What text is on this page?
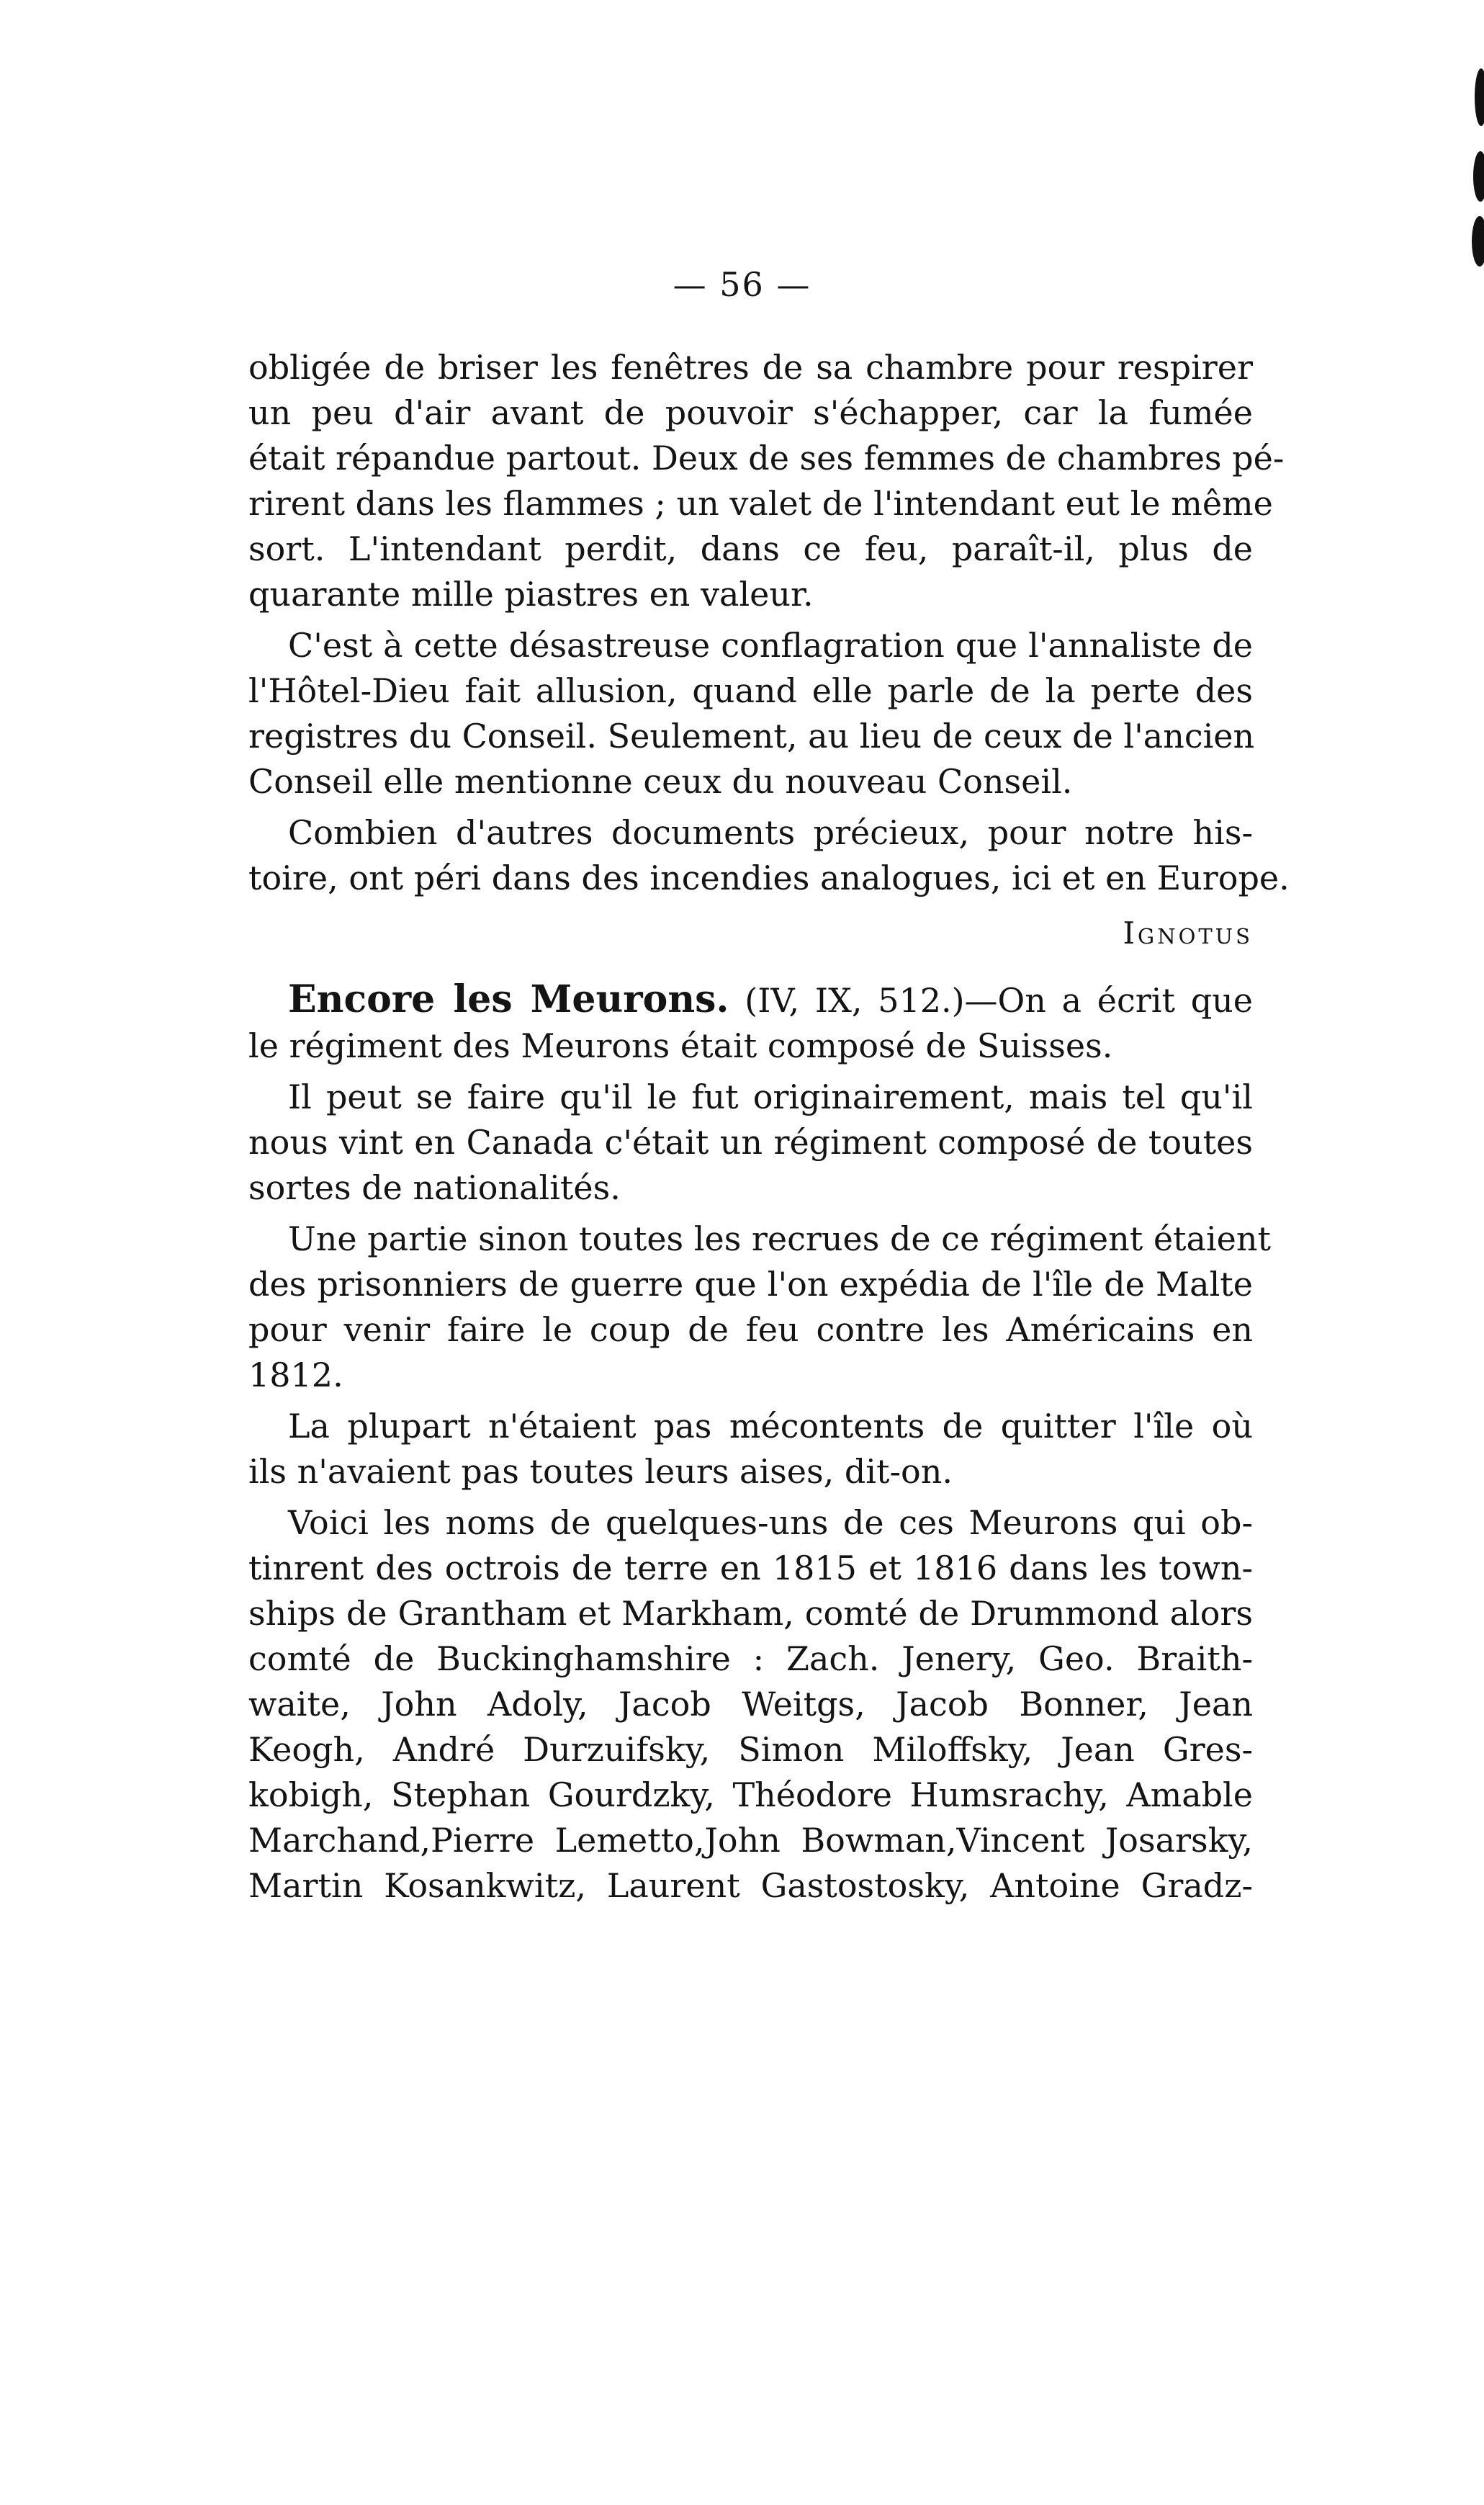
— 56 —
obligée de briser les fenêtres de sa chambre pour respirer
un peu d'air avant de pouvoir s'échapper, car la fumée
était répandue partout. Deux de ses femmes de chambres pé-
rirent dans les flammes ; un valet de l'intendant eut le même
sort. L'intendant perdit, dans ce feu, paraît-il, plus de
quarante mille piastres en valeur.
C'est à cette désastreuse conflagration que l'annaliste de
l'Hôtel-Dieu fait allusion, quand elle parle de la perte des
registres du Conseil. Seulement, au lieu de ceux de l'ancien
Conseil elle mentionne ceux du nouveau Conseil.
Combien d'autres documents précieux, pour notre his-
toire, ont péri dans des incendies analogues, ici et en Europe.
Ignotus
Encore les Meurons. (IV, IX, 512.)—On a écrit que
le régiment des Meurons était composé de Suisses.
Il peut se faire qu'il le fut originairement, mais tel qu'il
nous vint en Canada c'était un régiment composé de toutes
sortes de nationalités.
Une partie sinon toutes les recrues de ce régiment étaient
des prisonniers de guerre que l'on expédia de l'île de Malte
pour venir faire le coup de feu contre les Américains en
1812.
La plupart n'étaient pas mécontents de quitter l'île où
ils n'avaient pas toutes leurs aises, dit-on.
Voici les noms de quelques-uns de ces Meurons qui ob-
tinrent des octrois de terre en 1815 et 1816 dans les town-
ships de Grantham et Markham, comté de Drummond alors
comté de Buckinghamshire : Zach. Jenery, Geo. Braith-
waite, John Adoly, Jacob Weitgs, Jacob Bonner, Jean
Keogh, André Durzuifsky, Simon Miloffsky, Jean Gres-
kobigh, Stephan Gourdzky, Théodore Humsrachy, Amable
Marchand,Pierre Lemetto,John Bowman,Vincent Josarsky,
Martin Kosankwitz, Laurent Gastostosky, Antoine Gradz-
